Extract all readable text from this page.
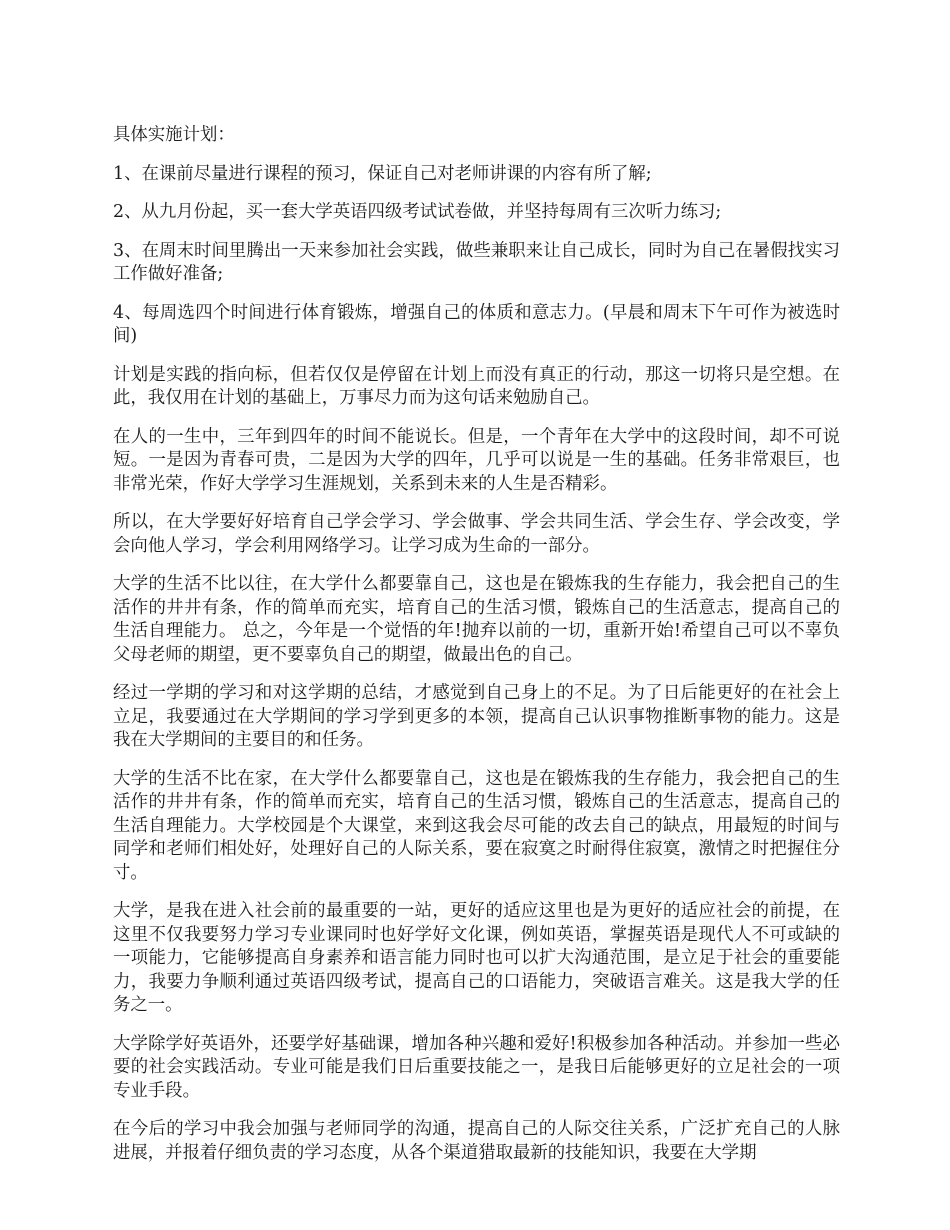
具体实施计划：

1、在课前尽量进行课程的预习，保证自己对老师讲课的内容有所了解;

2、从九月份起，买一套大学英语四级考试试卷做，并坚持每周有三次听力练习;

3、在周末时间里腾出一天来参加社会实践，做些兼职来让自己成长，同时为自己在暑假找实习工作做好准备;

4、每周选四个时间进行体育锻炼，增强自己的体质和意志力。(早晨和周末下午可作为被选时间)

计划是实践的指向标，但若仅仅是停留在计划上而没有真正的行动，那这一切将只是空想。在此，我仅用在计划的基础上，万事尽力而为这句话来勉励自己。

在人的一生中，三年到四年的时间不能说长。但是，一个青年在大学中的这段时间，却不可说短。一是因为青春可贵，二是因为大学的四年，几乎可以说是一生的基础。任务非常艰巨，也非常光荣，作好大学学习生涯规划，关系到未来的人生是否精彩。

所以，在大学要好好培育自己学会学习、学会做事、学会共同生活、学会生存、学会改变，学会向他人学习，学会利用网络学习。让学习成为生命的一部分。

大学的生活不比以往，在大学什么都要靠自己，这也是在锻炼我的生存能力，我会把自己的生活作的井井有条，作的简单而充实，培育自己的生活习惯，锻炼自己的生活意志，提高自己的生活自理能力。 总之，今年是一个觉悟的年!抛弃以前的一切，重新开始!希望自己可以不辜负父母老师的期望，更不要辜负自己的期望，做最出色的自己。

经过一学期的学习和对这学期的总结，才感觉到自己身上的不足。为了日后能更好的在社会上立足，我要通过在大学期间的学习学到更多的本领，提高自己认识事物推断事物的能力。这是我在大学期间的主要目的和任务。

大学的生活不比在家，在大学什么都要靠自己，这也是在锻炼我的生存能力，我会把自己的生活作的井井有条，作的简单而充实，培育自己的生活习惯，锻炼自己的生活意志，提高自己的生活自理能力。大学校园是个大课堂，来到这我会尽可能的改去自己的缺点，用最短的时间与同学和老师们相处好，处理好自己的人际关系，要在寂寞之时耐得住寂寞，激情之时把握住分寸。

大学，是我在进入社会前的最重要的一站，更好的适应这里也是为更好的适应社会的前提，在这里不仅我要努力学习专业课同时也好学好文化课，例如英语，掌握英语是现代人不可或缺的一项能力，它能够提高自身素养和语言能力同时也可以扩大沟通范围，是立足于社会的重要能力，我要力争顺利通过英语四级考试，提高自己的口语能力，突破语言难关。这是我大学的任务之一。

大学除学好英语外，还要学好基础课，增加各种兴趣和爱好!积极参加各种活动。并参加一些必要的社会实践活动。专业可能是我们日后重要技能之一，是我日后能够更好的立足社会的一项专业手段。

在今后的学习中我会加强与老师同学的沟通，提高自己的人际交往关系，广泛扩充自己的人脉进展，并报着仔细负责的学习态度，从各个渠道猎取最新的技能知识，我要在大学期
